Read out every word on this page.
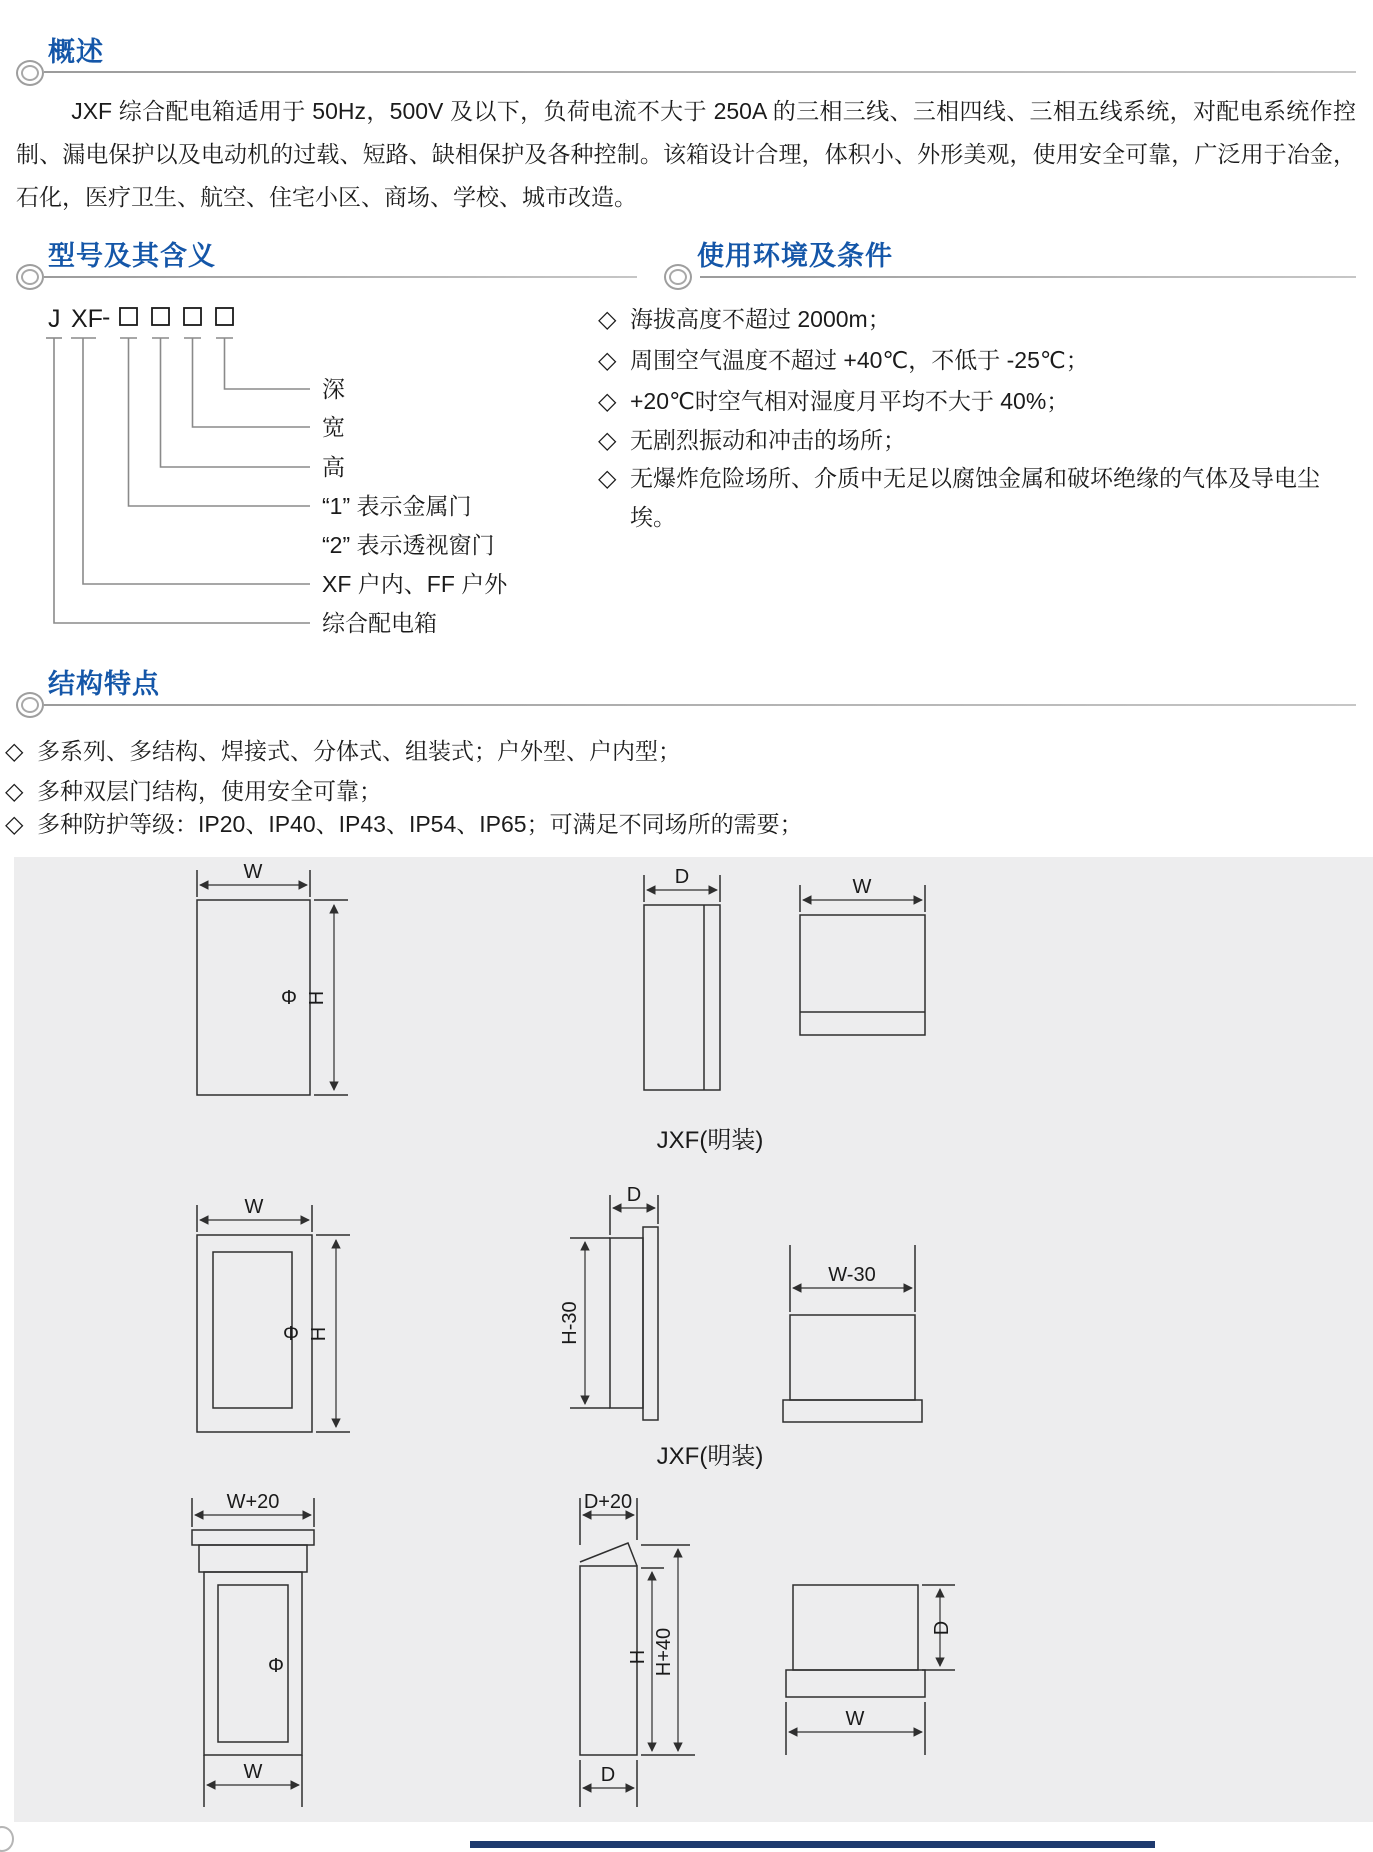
概述
JXF 综合配电箱适用于 50Hz，500V 及以下，负荷电流不大于 250A 的三相三线、三相四线、三相五线系统，对配电系统作控制、漏电保护以及电动机的过载、短路、缺相保护及各种控制。该箱设计合理，体积小、外形美观，使用安全可靠，广泛用于冶金，石化，医疗卫生、航空、住宅小区、商场、学校、城市改造。
型号及其含义
J XF -
深
宽
高
“1” 表示金属门
“2” 表示透视窗门
XF 户内、FF 户外
综合配电箱
使用环境及条件
◇ 海拔高度不超过 2000m；
◇ 周围空气温度不超过 +40℃，不低于 -25℃；
◇ +20℃时空气相对湿度月平均不大于 40%；
◇ 无剧烈振动和冲击的场所；
◇ 无爆炸危险场所、介质中无足以腐蚀金属和破坏绝缘的气体及导电尘埃。
结构特点
◇ 多系列、多结构、焊接式、分体式、组装式；户外型、户内型；
◇ 多种双层门结构，使用安全可靠；
◇ 多种防护等级：IP20、IP40、IP43、IP54、IP65；可满足不同场所的需要；
W
H
Φ
D	W
JXF(明装)
W
H
Φ	H-30
D
W-30
JXF(明装)
W+20
W
Φ
D+20
H H+40
D
D
W
